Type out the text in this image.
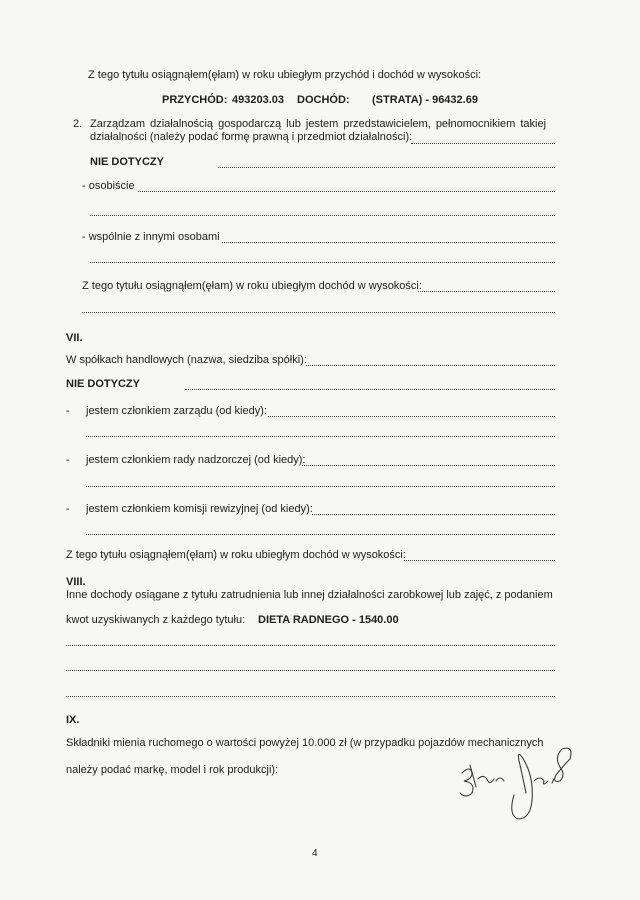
Z tego tytułu osiągnąłem(ęłam) w roku ubiegłym przychód i dochód w wysokości:
PRZYCHÓD: 493203.03 DOCHÓD: (STRATA) - 96432.69
2. Zarządzam działalnością gospodarczą lub jestem przedstawicielem, pełnomocnikiem takiej
działalności (należy podać formę prawną i przedmiot działalności):
NIE DOTYCZY
- osobiście
- wspólnie z innymi osobami
Z tego tytułu osiągnąłem(ęłam) w roku ubiegłym dochód w wysokości:
VII.
W spółkach handlowych (nazwa, siedziba spółki):
NIE DOTYCZY
- jestem członkiem zarządu (od kiedy):
- jestem członkiem rady nadzorczej (od kiedy):
- jestem członkiem komisji rewizyjnej (od kiedy):
Z tego tytułu osiągnąłem(ęłam) w roku ubiegłym dochód w wysokości:
VIII.
Inne dochody osiągane z tytułu zatrudnienia lub innej działalności zarobkowej lub zajęć, z podaniem
kwot uzyskiwanych z każdego tytułu: DIETA RADNEGO - 1540.00
IX.
Składniki mienia ruchomego o wartości powyżej 10.000 zł (w przypadku pojazdów mechanicznych
należy podać markę, model i rok produkcji):
4
